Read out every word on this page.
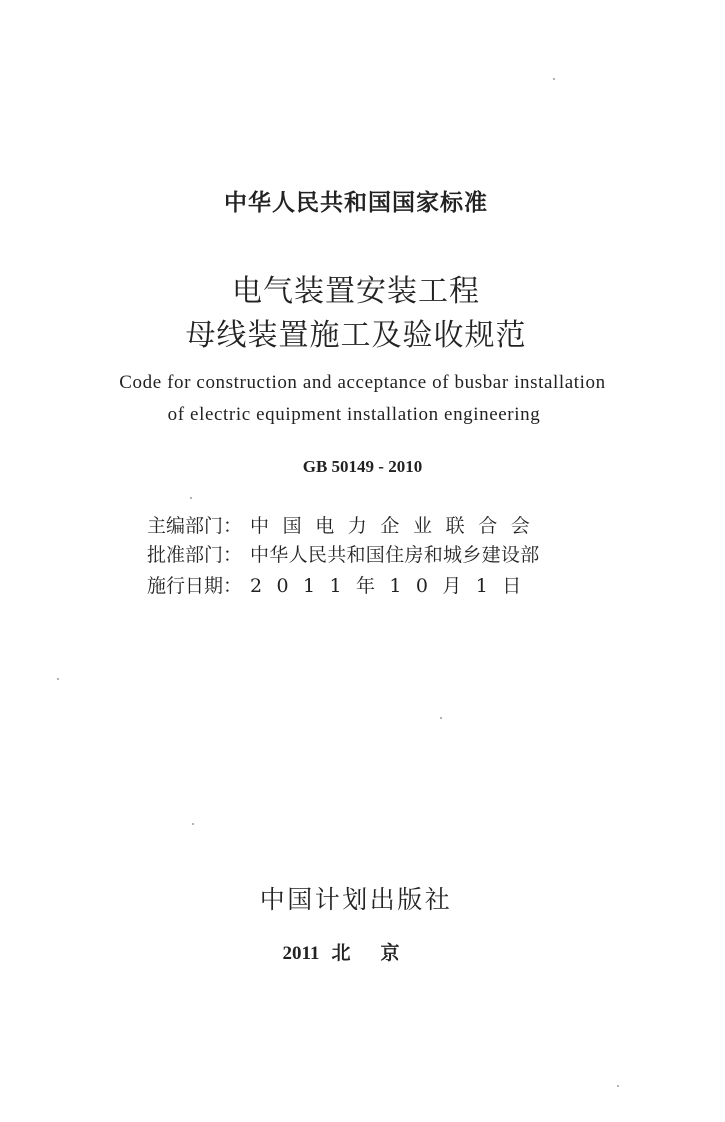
中华人民共和国国家标准
电气装置安装工程
母线装置施工及验收规范
Code for construction and acceptance of busbar installation
of electric equipment installation engineering
GB 50149 - 2010
主编部门： 中国电力企业联合会
批准部门： 中华人民共和国住房和城乡建设部
施行日期： 2011年10月1日
中国计划出版社
2011 北京
